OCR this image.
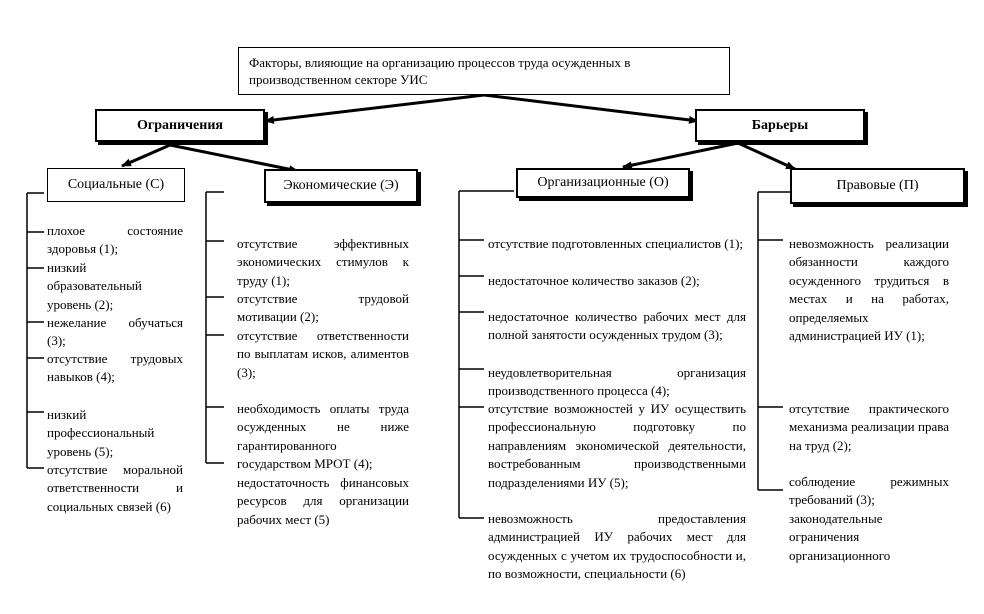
Факторы, влияющие на организацию процессов труда осужденных в производственном секторе УИС
Ограничения	Барьеры
Социальные (С)	Экономические (Э)	Организационные (О)	Правовые (П)
плохое состояние здоровья (1);
низкий образовательный уровень (2);
нежелание обучаться (3);
отсутствие трудовых навыков (4);
низкий профессиональный уровень (5);
отсутствие моральной ответственности и социальных связей (6)
отсутствие эффективных экономических стимулов к труду (1);
отсутствие трудовой мотивации (2);
отсутствие ответственности по выплатам исков, алиментов (3);
необходимость оплаты труда осужденных не ниже гарантированного государством МРОТ (4);
недостаточность финансовых ресурсов для организации рабочих мест (5)
отсутствие подготовленных специалистов (1);
недостаточное количество заказов (2);
недостаточное количество рабочих мест для полной занятости осужденных трудом (3);
неудовлетворительная организация производственного процесса (4);
отсутствие возможностей у ИУ осуществить профессиональную подготовку по направлениям экономической деятельности, востребованным производственными подразделениями ИУ (5);
невозможность предоставления администрацией ИУ рабочих мест для осужденных с учетом их трудоспособности и, по возможности, специальности (6)
невозможность реализации обязанности каждого осужденного трудиться в местах и на работах, определяемых администрацией ИУ (1);
отсутствие практического механизма реализации права на труд (2);
соблюдение режимных требований (3);
законодательные ограничения организационного
